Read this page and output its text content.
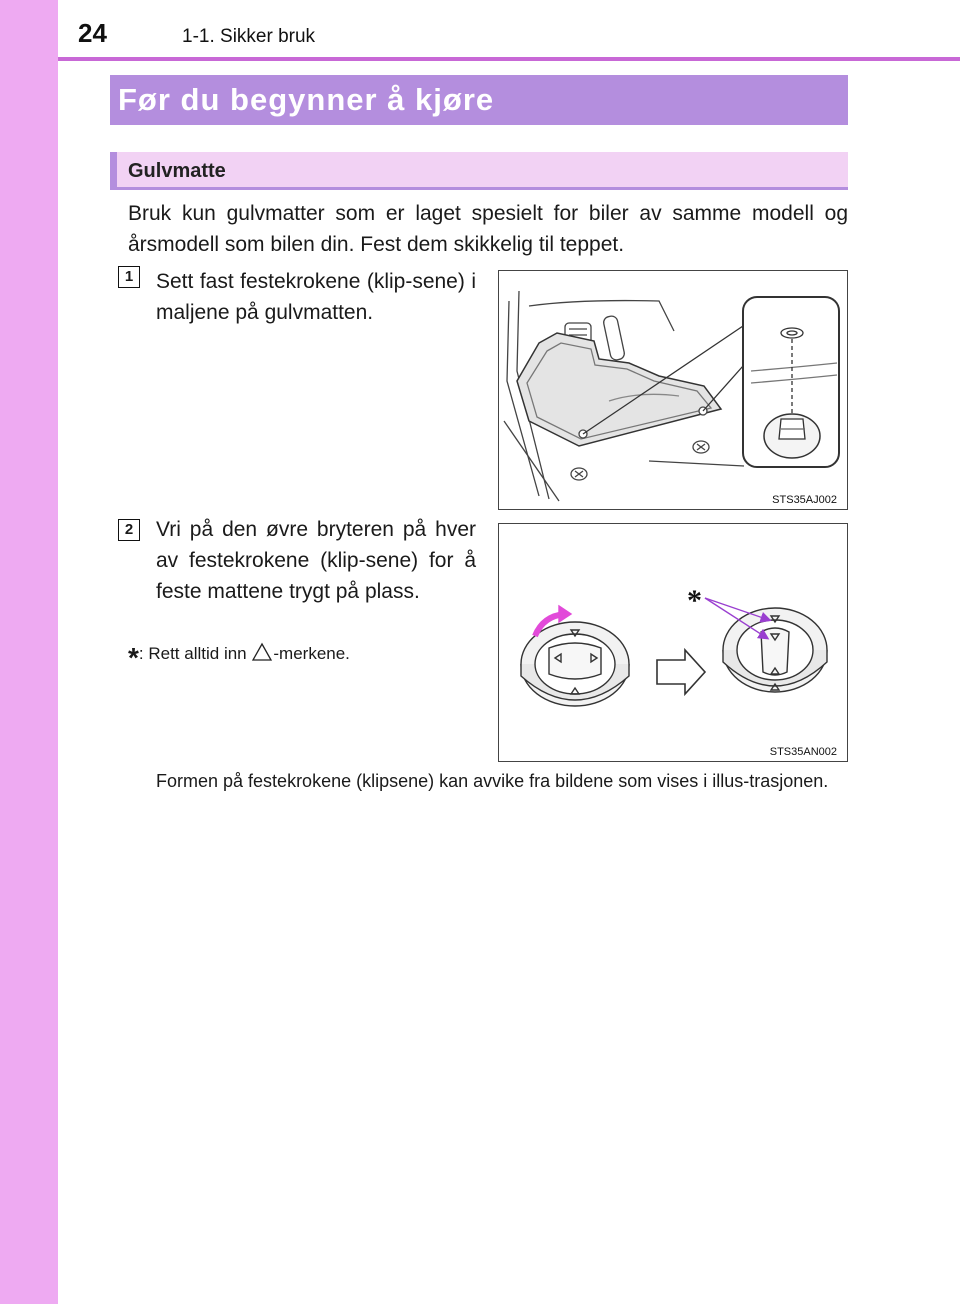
24	1-1. Sikker bruk
Før du begynner å kjøre
Gulvmatte
Bruk kun gulvmatter som er laget spesielt for biler av samme modell og årsmodell som bilen din. Fest dem skikkelig til teppet.
1	Sett fast festekrokene (klip-sene) i maljene på gulvmatten.
STS35AJ002
2	Vri på den øvre bryteren på hver av festekrokene (klip-sene) for å feste mattene trygt på plass.	*
STS35AN002
*: Rett alltid inn -merkene.
Formen på festekrokene (klipsene) kan avvike fra bildene som vises i illus-trasjonen.
